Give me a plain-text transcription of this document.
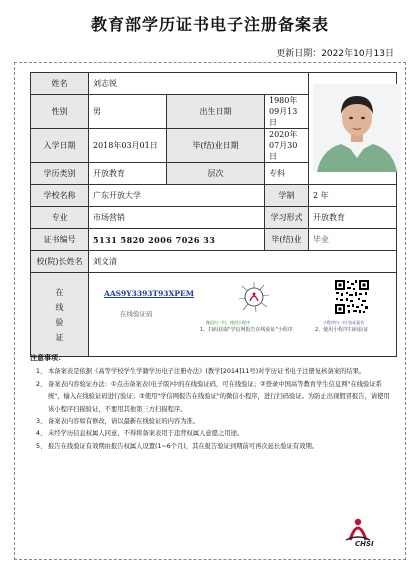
教育部学历证书电子注册备案表
更新日期：2022年10月13日
姓名	刘志锐	
性别	男	出生日期	1980年09月13日	
入学日期	2018年03月01日	毕(结)业日期	2020年07月30日	
学历类别	开放教育	层次	专科	
学校名称	广东开放大学		学制	2 年
专业	市场营销		学习形式	开放教育
证书编号	5131 5820 2006 7026 33		毕(结)业	毕业
校(院)长姓名	刘文清			

在
线
验
证				

AAS9Y3393T93XPEM
在线验证码
微信扫一扫，使用小程序	小程序扫一扫 验证报告
1、扫码获取"学信网报告在线验证"小程序	2、使用小程序扫码验证
注意事项：
1、 本备案表是依据《高等学校学生学籍学历电子注册办法》(教学[2014]11号)对学历证书电子注册复核备案的结果。
2、 备案表内容验证办法：①点击备案表(电子版)中的在线验证码，可在线验证；②登录中国高等教育学生信息网"在线验证系统"，输入在线验证码进行验证；③使用"学信网报告在线验证"的微信小程序，进行扫码验证。为防止出现假冒报告，请使用该小程序扫描验证，不要用其他第三方扫描程序。
3、 备案表内容如有修改，请以最新在线验证的内容为准。
4、 未经学历信息权属人同意，不得将备案表用于违背权属人意愿之用途。
5、 报告在线验证有效期由报告权属人设置(1~6个月)，其在报告验证到期前可再次延长验证有效期。
CHSI
